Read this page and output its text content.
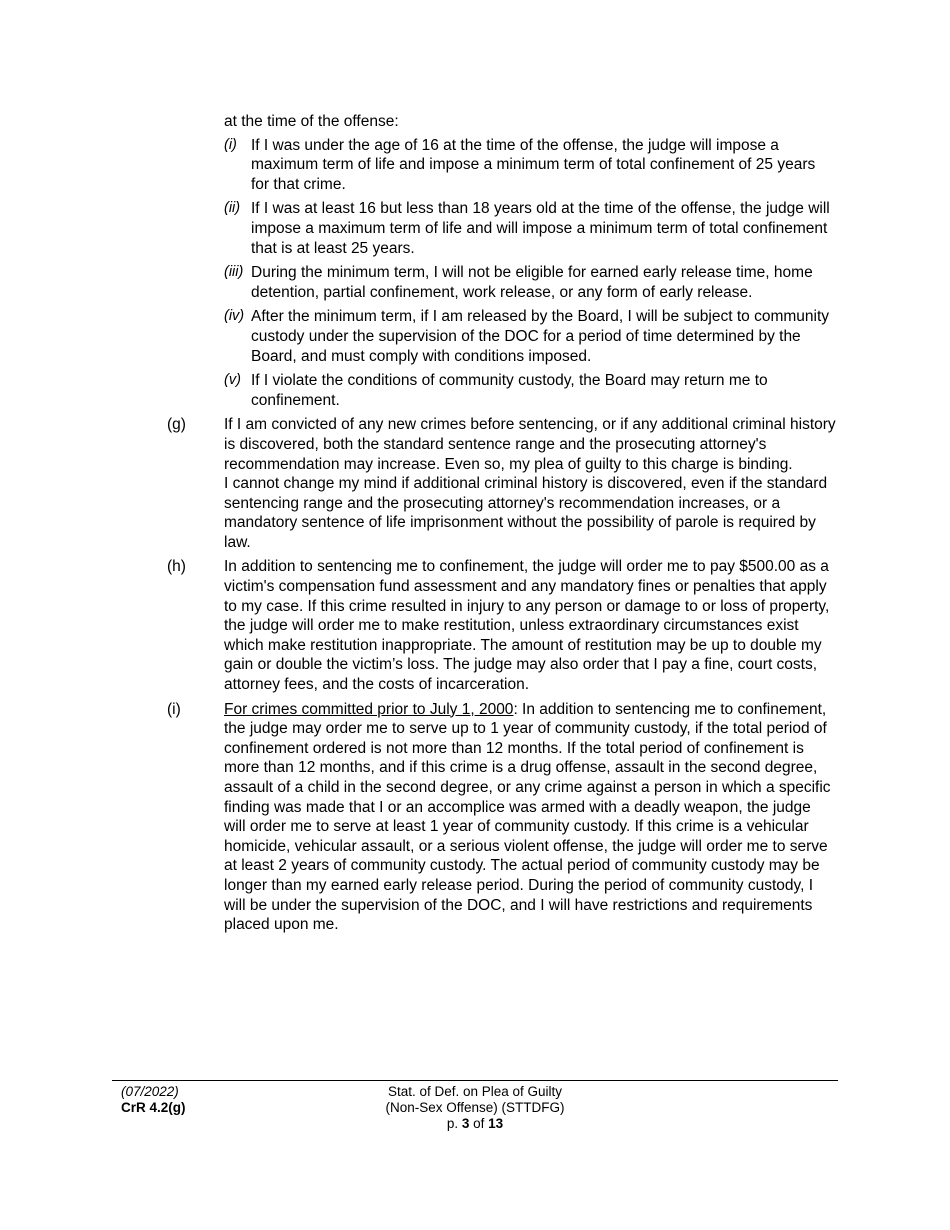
at the time of the offense:
(i) If I was under the age of 16 at the time of the offense, the judge will impose a maximum term of life and impose a minimum term of total confinement of 25 years for that crime.
(ii) If I was at least 16 but less than 18 years old at the time of the offense, the judge will impose a maximum term of life and will impose a minimum term of total confinement that is at least 25 years.
(iii) During the minimum term, I will not be eligible for earned early release time, home detention, partial confinement, work release, or any form of early release.
(iv) After the minimum term, if I am released by the Board, I will be subject to community custody under the supervision of the DOC for a period of time determined by the Board, and must comply with conditions imposed.
(v) If I violate the conditions of community custody, the Board may return me to confinement.
(g) If I am convicted of any new crimes before sentencing, or if any additional criminal history is discovered, both the standard sentence range and the prosecuting attorney's recommendation may increase. Even so, my plea of guilty to this charge is binding.

I cannot change my mind if additional criminal history is discovered, even if the standard sentencing range and the prosecuting attorney's recommendation increases, or a mandatory sentence of life imprisonment without the possibility of parole is required by law.

(h) In addition to sentencing me to confinement, the judge will order me to pay $500.00 as a victim's compensation fund assessment and any mandatory fines or penalties that apply to my case. If this crime resulted in injury to any person or damage to or loss of property, the judge will order me to make restitution, unless extraordinary circumstances exist which make restitution inappropriate. The amount of restitution may be up to double my gain or double the victim’s loss. The judge may also order that I pay a fine, court costs, attorney fees, and the costs of incarceration.

(i)	For crimes committed prior to July 1, 2000: In addition to sentencing me to confinement, the judge may order me to serve up to 1 year of community custody, if the total period of confinement ordered is not more than 12 months. If the total period of confinement is more than 12 months, and if this crime is a drug offense, assault in the second degree, assault of a child in the second degree, or any crime against a person in which a specific finding was made that I or an accomplice was armed with a deadly weapon, the judge will order me to serve at least 1 year of community custody. If this crime is a vehicular homicide, vehicular assault, or a serious violent offense, the judge will order me to serve at least 2 years of community custody. The actual period of community custody may be longer than my earned early release period. During the period of community custody, I will be under the supervision of the DOC, and I will have restrictions and requirements placed upon me.

(07/2022)
CrR 4.2(g)
Stat. of Def. on Plea of Guilty
(Non-Sex Offense) (STTDFG)
p. 3 of 13
